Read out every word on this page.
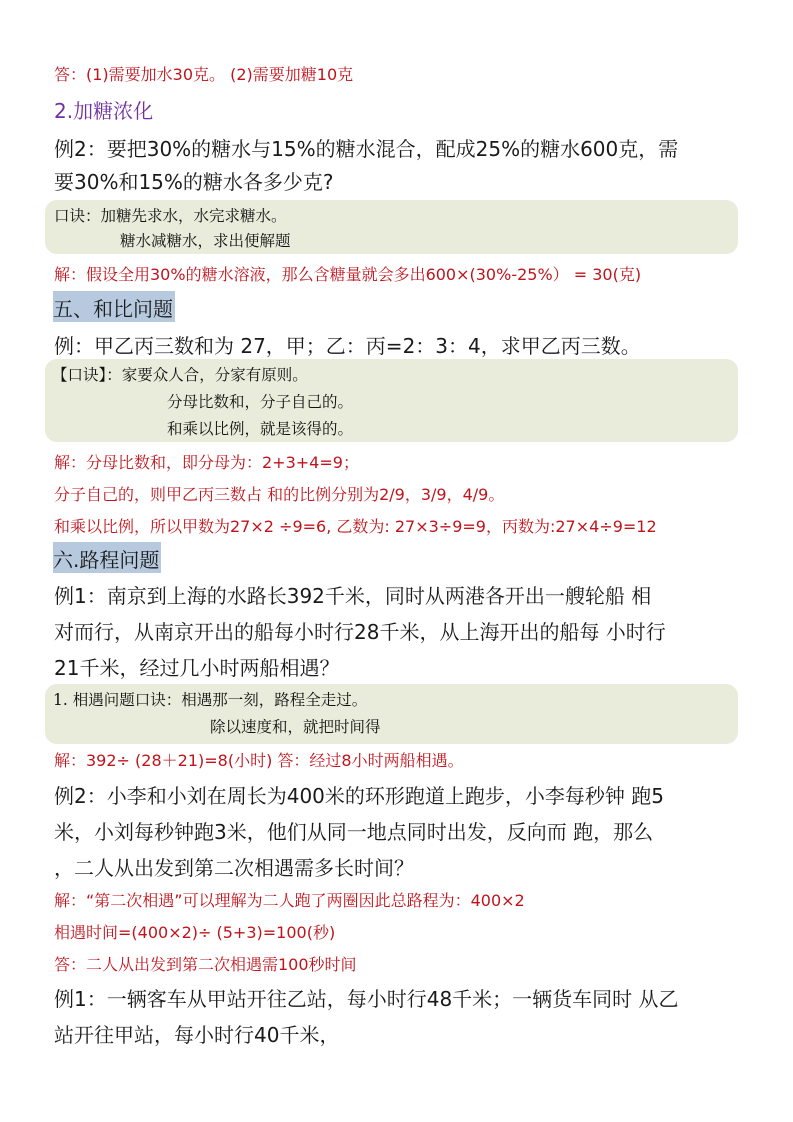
答：(1)需要加水30克。 (2)需要加糖10克
2.加糖浓化
例2：要把30%的糖水与15%的糖水混合，配成25%的糖水600克，需
要30%和15%的糖水各多少克?
口诀：加糖先求水，水完求糖水。
糖水减糖水，求出便解题
解：假设全用30%的糖水溶液，那么含糖量就会多出600×(30%-25%） = 30(克)
五、和比问题
例：甲乙丙三数和为 27，甲；乙：丙=2：3：4，求甲乙丙三数。
【口诀】：家要众人合，分家有原则。
分母比数和，分子自己的。
和乘以比例，就是该得的。
解：分母比数和，即分母为：2+3+4=9；
分子自己的，则甲乙丙三数占 和的比例分别为2/9，3/9，4/9。
和乘以比例，所以甲数为27×2 ÷9=6, 乙数为: 27×3÷9=9，丙数为:27×4÷9=12
六.路程问题
例1：南京到上海的水路长392千米，同时从两港各开出一艘轮船 相
对而行，从南京开出的船每小时行28千米，从上海开出的船每 小时行
21千米，经过几小时两船相遇？
1. 相遇问题口诀：相遇那一刻，路程全走过。
除以速度和，就把时间得
解：392÷ (28＋21)=8(小时) 答：经过8小时两船相遇。
例2：小李和小刘在周长为400米的环形跑道上跑步，小李每秒钟 跑5
米，小刘每秒钟跑3米，他们从同一地点同时出发，反向而 跑，那么
，二人从出发到第二次相遇需多长时间？
解：“第二次相遇”可以理解为二人跑了两圈因此总路程为：400×2
相遇时间=(400×2)÷ (5+3)=100(秒)
答：二人从出发到第二次相遇需100秒时间
例1：一辆客车从甲站开往乙站，每小时行48千米；一辆货车同时 从乙
站开往甲站，每小时行40千米，
